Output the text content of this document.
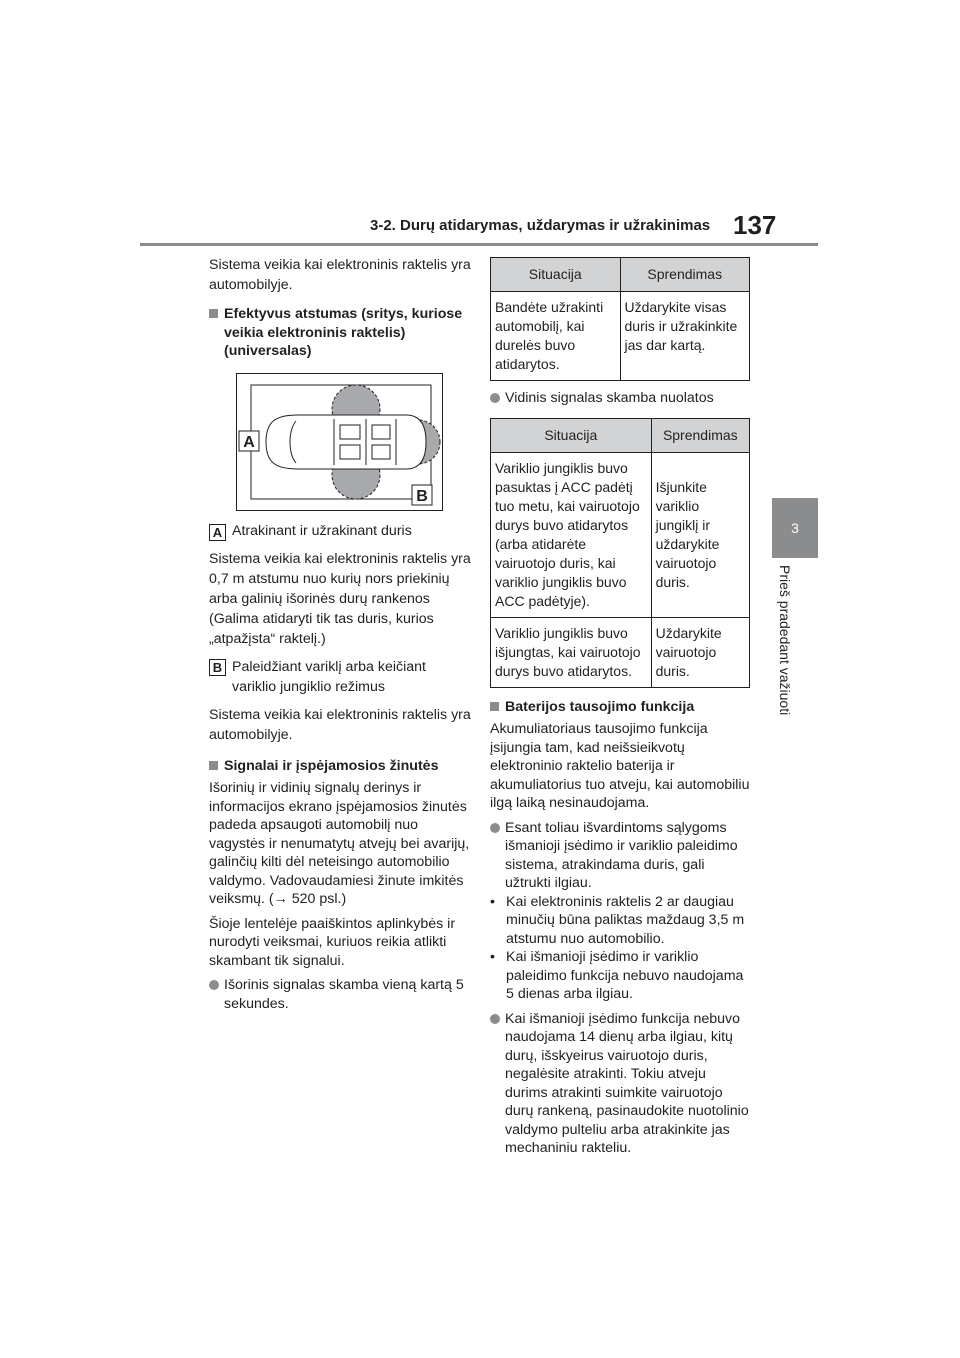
3-2. Durų atidarymas, uždarymas ir užrakinimas 137
3
Prieš pradedant važiuoti

Sistema veikia kai elektroninis raktelis yra automobilyje.

Efektyvus atstumas (sritys, kuriose veikia elektroninis raktelis) (universalas)
A
B

A Atrakinant ir užrakinant duris

Sistema veikia kai elektroninis raktelis yra 0,7 m atstumu nuo kurių nors priekinių arba galinių išorinės durų rankenos (Galima atidaryti tik tas duris, kurios „atpažįsta“ raktelį.)

B Paleidžiant variklį arba keičiant variklio jungiklio režimus

Sistema veikia kai elektroninis raktelis yra automobilyje.

Signalai ir įspėjamosios žinutės

Išorinių ir vidinių signalų derinys ir informacijos ekrano įspėjamosios žinutės padeda apsaugoti automobilį nuo vagystės ir nenumatytų atvejų bei avarijų, galinčių kilti dėl neteisingo automobilio valdymo. Vadovaudamiesi žinute imkitės veiksmų. (→ 520 psl.)

Šioje lentelėje paaiškintos aplinkybės ir nurodyti veiksmai, kuriuos reikia atlikti skambant tik signalui.

Išorinis signalas skamba vieną kartą 5 sekundes.
Situacija	Sprendimas
Bandėte užrakinti automobilį, kai durelės buvo atidarytos.	Uždarykite visas duris ir užrakinkite jas dar kartą.
Vidinis signalas skamba nuolatos
Situacija	Sprendimas
Variklio jungiklis buvo pasuktas į ACC padėtį tuo metu, kai vairuotojo durys buvo atidarytos (arba atidarėte vairuotojo duris, kai variklio jungiklis buvo ACC padėtyje).	Išjunkite variklio jungiklį ir uždarykite vairuotojo duris.
Variklio jungiklis buvo išjungtas, kai vairuotojo durys buvo atidarytos.	Uždarykite vairuotojo duris.
Baterijos tausojimo funkcija

Akumuliatoriaus tausojimo funkcija įsijungia tam, kad neišsieikvotų elektroninio raktelio baterija ir akumuliatorius tuo atveju, kai automobiliu ilgą laiką nesinaudojama.

Esant toliau išvardintoms sąlygoms išmanioji įsėdimo ir variklio paleidimo sistema, atrakindama duris, gali užtrukti ilgiau.
• Kai elektroninis raktelis 2 ar daugiau minučių būna paliktas maždaug 3,5 m atstumu nuo automobilio.
• Kai išmanioji įsėdimo ir variklio paleidimo funkcija nebuvo naudojama 5 dienas arba ilgiau.
Kai išmanioji įsėdimo funkcija nebuvo naudojama 14 dienų arba ilgiau, kitų durų, išskyeirus vairuotojo duris, negalėsite atrakinti. Tokiu atveju durims atrakinti suimkite vairuotojo durų rankeną, pasinaudokite nuotolinio valdymo pulteliu arba atrakinkite jas mechaniniu rakteliu.
